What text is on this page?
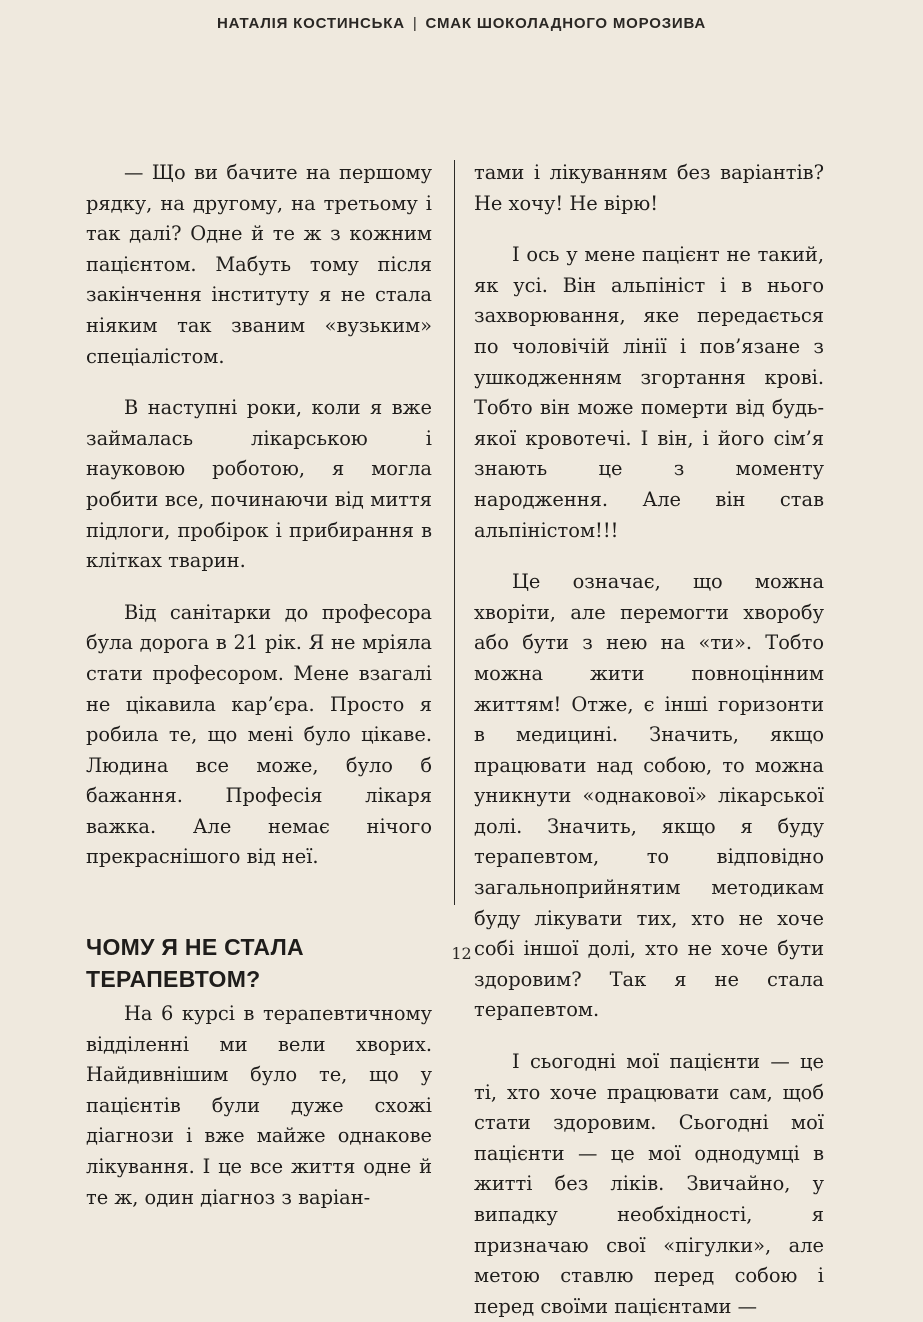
НАТАЛІЯ КОСТИНСЬКА | СМАК ШОКОЛАДНОГО МОРОЗИВА

— Що ви бачите на першому рядку, на другому, на третьому і так далі? Одне й те ж з кожним пацієнтом. Мабуть тому після закінчення інституту я не стала ніяким так званим «вузьким» спеціалістом.

В наступні роки, коли я вже займалась лікарською і науковою роботою, я могла робити все, починаючи від миття підлоги, пробірок і прибирання в клітках тварин.

Від санітарки до професора була дорога в 21 рік. Я не мріяла стати професором. Мене взагалі не цікавила кар’єра. Просто я робила те, що мені було цікаве. Людина все може, було б бажання. Професія лікаря важка. Але немає нічого прекраснішого від неї.

ЧОМУ Я НЕ СТАЛА ТЕРАПЕВТОМ?

На 6 курсі в терапевтичному відділенні ми вели хворих. Найдивнішим було те, що у пацієнтів були дуже схожі діагнози і вже майже однакове лікування. І це все життя одне й те ж, один діагноз з варіан-

тами і лікуванням без варіантів? Не хочу! Не вірю!

І ось у мене пацієнт не такий, як усі. Він альпініст і в нього захворювання, яке передається по чоловічій лінії і пов’язане з ушкодженням згортання крові. Тобто він може померти від будь-якої кровотечі. І він, і його сім’я знають це з моменту народження. Але він став альпіністом!!!

Це означає, що можна хворіти, але перемогти хворобу або бути з нею на «ти». Тобто можна жити повноцінним життям! Отже, є інші горизонти в медицині. Значить, якщо працювати над собою, то можна уникнути «однакової» лікарської долі. Значить, якщо я буду терапевтом, то відповідно загальноприйнятим методикам буду лікувати тих, хто не хоче собі іншої долі, хто не хоче бути здоровим? Так я не стала терапевтом.

І сьогодні мої пацієнти — це ті, хто хоче працювати сам, щоб стати здоровим. Сьогодні мої пацієнти — це мої однодумці в житті без ліків. Звичайно, у випадку необхідності, я призначаю свої «пігулки», але метою ставлю перед собою і перед своїми пацієнтами —

12
